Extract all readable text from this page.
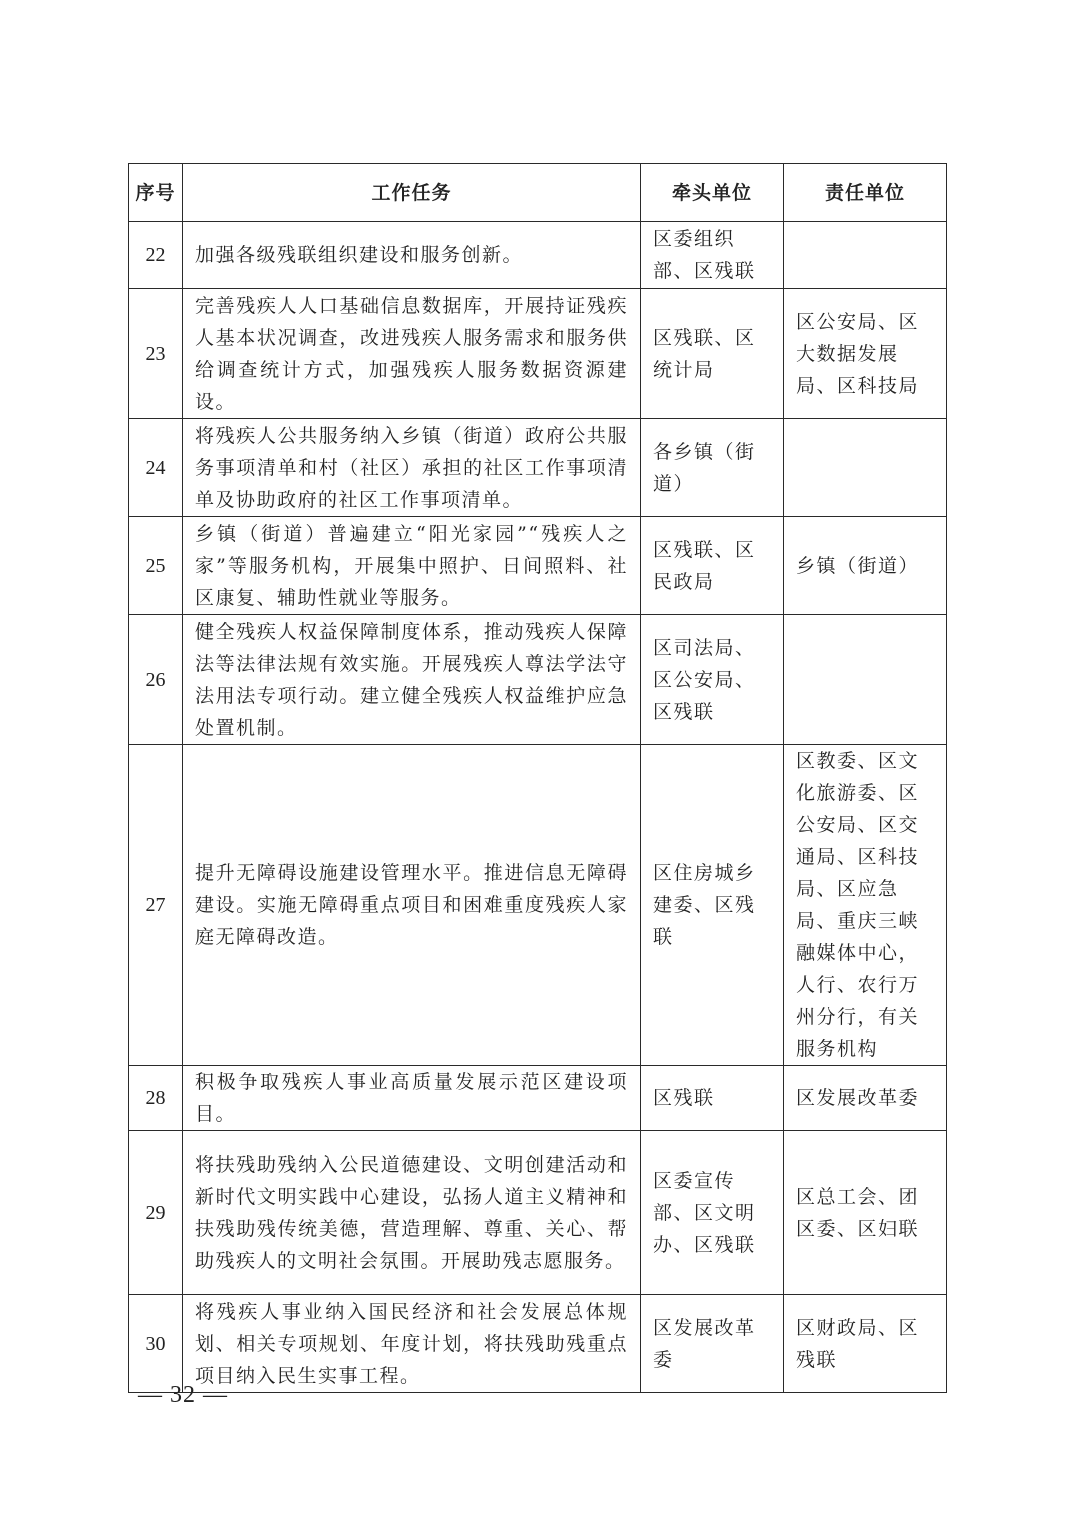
序号	工作任务	牵头单位	责任单位
22	加强各级残联组织建设和服务创新。	区委组织部、区残联	
23	完善残疾人人口基础信息数据库，开展持证残疾人基本状况调查，改进残疾人服务需求和服务供给调查统计方式，加强残疾人服务数据资源建设。	区残联、区统计局	区公安局、区大数据发展局、区科技局
24	将残疾人公共服务纳入乡镇（街道）政府公共服务事项清单和村（社区）承担的社区工作事项清单及协助政府的社区工作事项清单。	各乡镇（街道）	
25	乡镇（街道）普遍建立“阳光家园”“残疾人之家”等服务机构，开展集中照护、日间照料、社区康复、辅助性就业等服务。	区残联、区民政局	乡镇（街道）
26	健全残疾人权益保障制度体系，推动残疾人保障法等法律法规有效实施。开展残疾人尊法学法守法用法专项行动。建立健全残疾人权益维护应急处置机制。	区司法局、区公安局、区残联	
27	提升无障碍设施建设管理水平。推进信息无障碍建设。实施无障碍重点项目和困难重度残疾人家庭无障碍改造。	区住房城乡建委、区残联	区教委、区文化旅游委、区公安局、区交通局、区科技局、区应急局、重庆三峡融媒体中心，人行、农行万州分行，有关服务机构
28	积极争取残疾人事业高质量发展示范区建设项目。	区残联	区发展改革委
29	将扶残助残纳入公民道德建设、文明创建活动和新时代文明实践中心建设，弘扬人道主义精神和扶残助残传统美德，营造理解、尊重、关心、帮助残疾人的文明社会氛围。开展助残志愿服务。	区委宣传部、区文明办、区残联	区总工会、团区委、区妇联
30	将残疾人事业纳入国民经济和社会发展总体规划、相关专项规划、年度计划，将扶残助残重点项目纳入民生实事工程。	区发展改革委	区财政局、区残联
— 32 —
